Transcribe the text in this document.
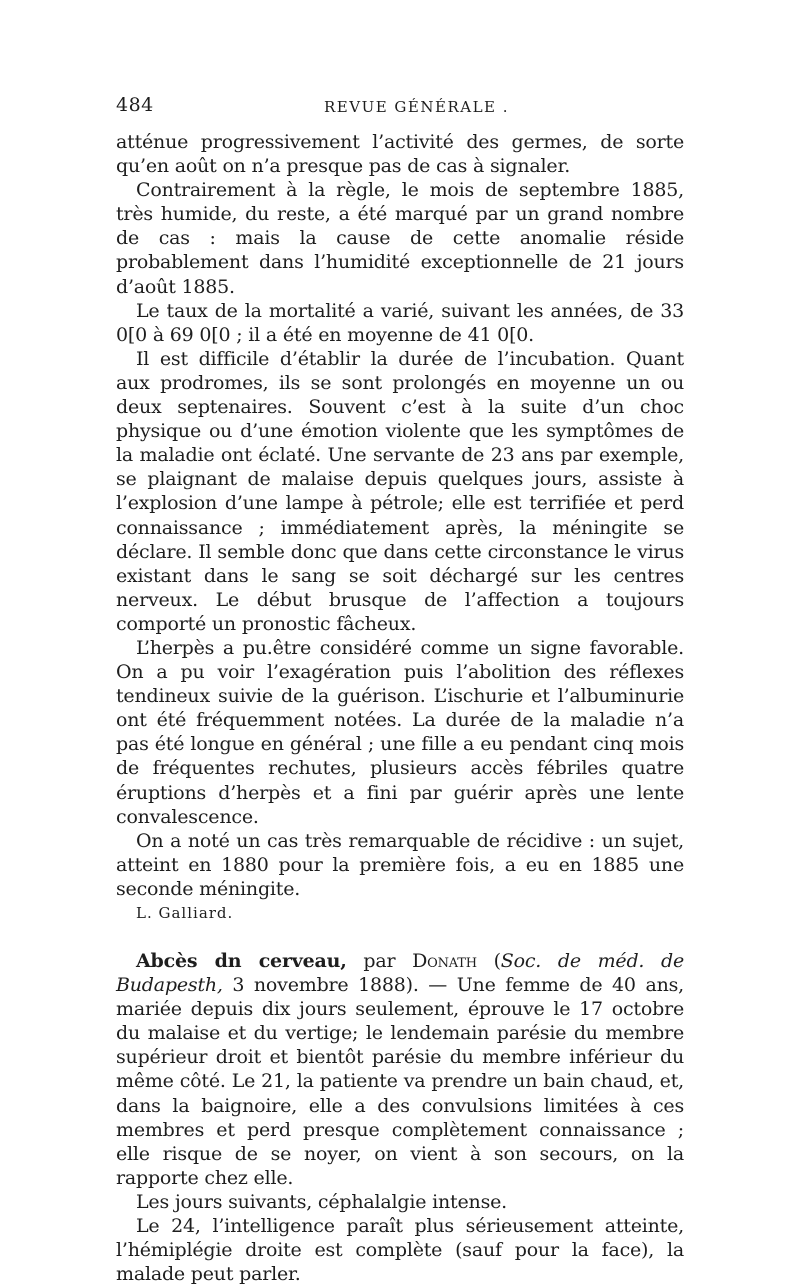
484	REVUE GÉNÉRALE .

atténue progressivement l’activité des germes, de sorte qu’en août on n’a presque pas de cas à signaler.

Contrairement à la règle, le mois de septembre 1885, très humide, du reste, a été marqué par un grand nombre de cas : mais la cause de cette anomalie réside probablement dans l’humidité exceptionnelle de 21 jours d’août 1885.

Le taux de la mortalité a varié, suivant les années, de 33 0[0 à 69 0[0 ; il a été en moyenne de 41 0[0.

Il est difficile d’établir la durée de l’incubation. Quant aux prodromes, ils se sont prolongés en moyenne un ou deux septenaires. Souvent c’est à la suite d’un choc physique ou d’une émotion violente que les symptômes de la maladie ont éclaté. Une servante de 23 ans par exemple, se plaignant de malaise depuis quelques jours, assiste à l’explosion d’une lampe à pétrole; elle est terrifiée et perd connaissance ; immédiatement après, la méningite se déclare. Il semble donc que dans cette circonstance le virus existant dans le sang se soit déchargé sur les centres nerveux. Le début brusque de l’affection a toujours comporté un pronostic fâcheux.

L’herpès a pu.être considéré comme un signe favorable. On a pu voir l’exagération puis l’abolition des réflexes tendineux suivie de la guérison. L’ischurie et l’albuminurie ont été fréquemment notées. La durée de la maladie n’a pas été longue en général ; une fille a eu pendant cinq mois de fréquentes rechutes, plusieurs accès fébriles quatre éruptions d’herpès et a fini par guérir après une lente convalescence.

On a noté un cas très remarquable de récidive : un sujet, atteint en 1880 pour la première fois, a eu en 1885 une seconde méningite.

L. Galliard.

Abcès dn cerveau, par Donath (Soc. de méd. de Budapesth, 3 novembre 1888). — Une femme de 40 ans, mariée depuis dix jours seulement, éprouve le 17 octobre du malaise et du vertige; le lendemain parésie du membre supérieur droit et bientôt parésie du membre inférieur du même côté. Le 21, la patiente va prendre un bain chaud, et, dans la baignoire, elle a des convulsions limitées à ces membres et perd presque complètement connaissance ; elle risque de se noyer, on vient à son secours, on la rapporte chez elle.

Les jours suivants, céphalalgie intense.

Le 24, l’intelligence paraît plus sérieusement atteinte, l’hémiplégie droite est complète (sauf pour la face), la malade peut parler.
